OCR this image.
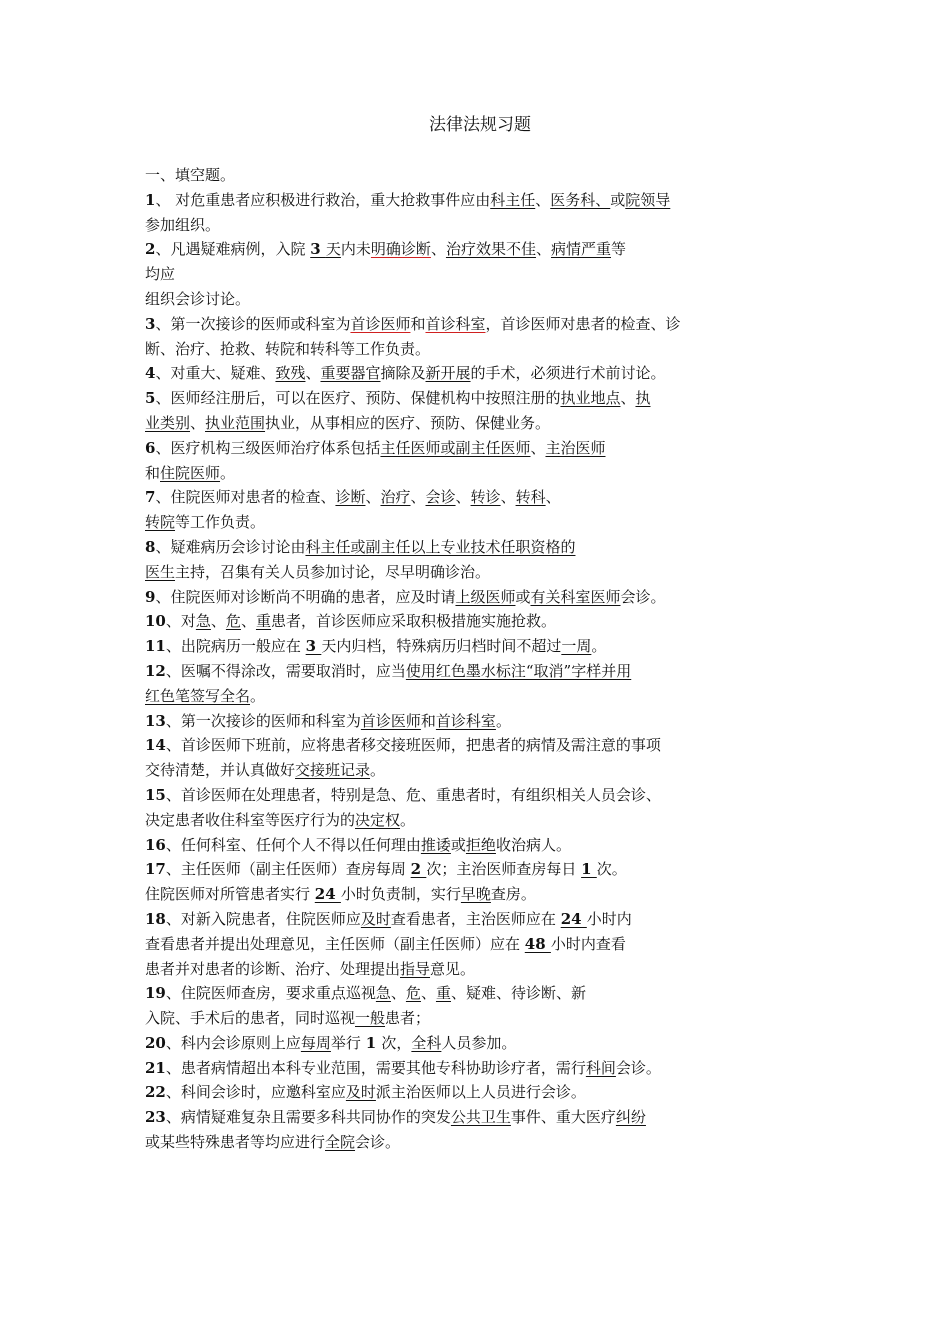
法律法规习题
一、填空题。
1、 对危重患者应积极进行救治，重大抢救事件应由科主任、医务科、或院领导
参加组织。
2、凡遇疑难病例，入院 3 天内未明确诊断、治疗效果不佳、病情严重等
均应
组织会诊讨论。
3、第一次接诊的医师或科室为首诊医师和首诊科室，首诊医师对患者的检查、诊
断、治疗、抢救、转院和转科等工作负责。
4、对重大、疑难、致残、重要器官摘除及新开展的手术，必须进行术前讨论。
5、医师经注册后，可以在医疗、预防、保健机构中按照注册的执业地点、执
业类别、执业范围执业，从事相应的医疗、预防、保健业务。
6、医疗机构三级医师治疗体系包括主任医师或副主任医师、主治医师
和住院医师。
7、住院医师对患者的检查、诊断、治疗、会诊、转诊、转科、
转院等工作负责。
8、疑难病历会诊讨论由科主任或副主任以上专业技术任职资格的
医生主持，召集有关人员参加讨论，尽早明确诊治。
9、住院医师对诊断尚不明确的患者，应及时请上级医师或有关科室医师会诊。
10、对急、危、重患者，首诊医师应采取积极措施实施抢救。
11、出院病历一般应在 3 天内归档，特殊病历归档时间不超过一周。
12、医嘱不得涂改，需要取消时，应当使用红色墨水标注“取消”字样并用
红色笔签写全名。
13、第一次接诊的医师和科室为首诊医师和首诊科室。
14、首诊医师下班前，应将患者移交接班医师，把患者的病情及需注意的事项
交待清楚，并认真做好交接班记录。
15、首诊医师在处理患者，特别是急、危、重患者时，有组织相关人员会诊、
决定患者收住科室等医疗行为的决定权。
16、任何科室、任何个人不得以任何理由推诿或拒绝收治病人。
17、主任医师（副主任医师）查房每周 2 次；主治医师查房每日 1 次。
住院医师对所管患者实行 24 小时负责制，实行早晚查房。
18、对新入院患者，住院医师应及时查看患者，主治医师应在 24 小时内
查看患者并提出处理意见，主任医师（副主任医师）应在 48 小时内查看
患者并对患者的诊断、治疗、处理提出指导意见。
19、住院医师查房，要求重点巡视急、危、重、疑难、待诊断、新
入院、手术后的患者，同时巡视一般患者；
20、科内会诊原则上应每周举行 1 次，全科人员参加。
21、患者病情超出本科专业范围，需要其他专科协助诊疗者，需行科间会诊。
22、科间会诊时，应邀科室应及时派主治医师以上人员进行会诊。
23、病情疑难复杂且需要多科共同协作的突发公共卫生事件、重大医疗纠纷
或某些特殊患者等均应进行全院会诊。
